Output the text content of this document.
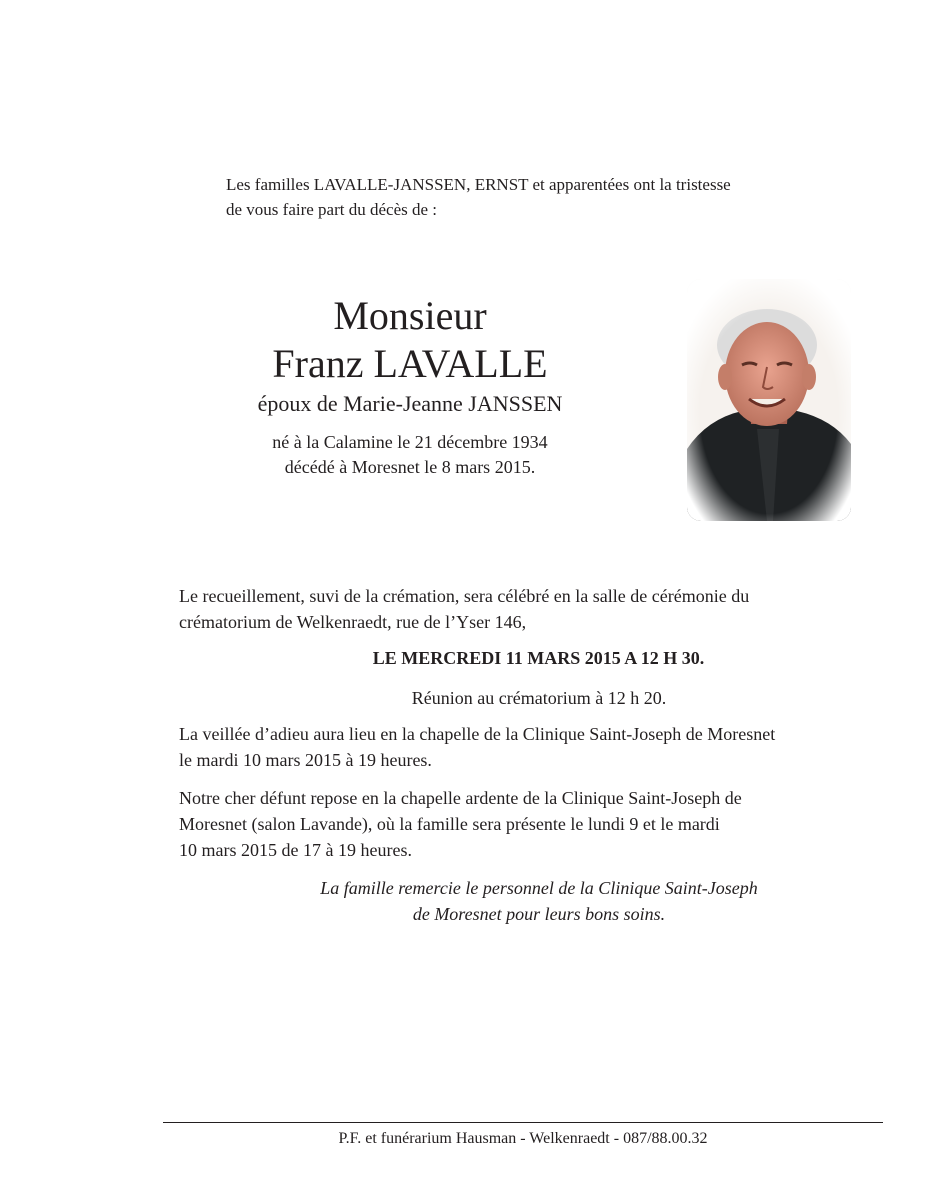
Les familles LAVALLE-JANSSEN, ERNST et apparentées ont la tristesse
de vous faire part du décès de :
Monsieur
Franz LAVALLE
époux de Marie-Jeanne JANSSEN
né à la Calamine le 21 décembre 1934
décédé à Moresnet le 8 mars 2015.

Le recueillement, suvi de la crémation, sera célébré en la salle de cérémonie du
crématorium de Welkenraedt, rue de l’Yser 146,

LE MERCREDI 11 MARS 2015 A 12 H 30.

Réunion au crématorium à 12 h 20.

La veillée d’adieu aura lieu en la chapelle de la Clinique Saint-Joseph de Moresnet
le mardi 10 mars 2015 à 19 heures.

Notre cher défunt repose en la chapelle ardente de la Clinique Saint-Joseph de
Moresnet (salon Lavande), où la famille sera présente le lundi 9 et le mardi
10 mars 2015 de 17 à 19 heures.

La famille remercie le personnel de la Clinique Saint-Joseph
de Moresnet pour leurs bons soins.

P.F. et funérarium Hausman - Welkenraedt - 087/88.00.32
